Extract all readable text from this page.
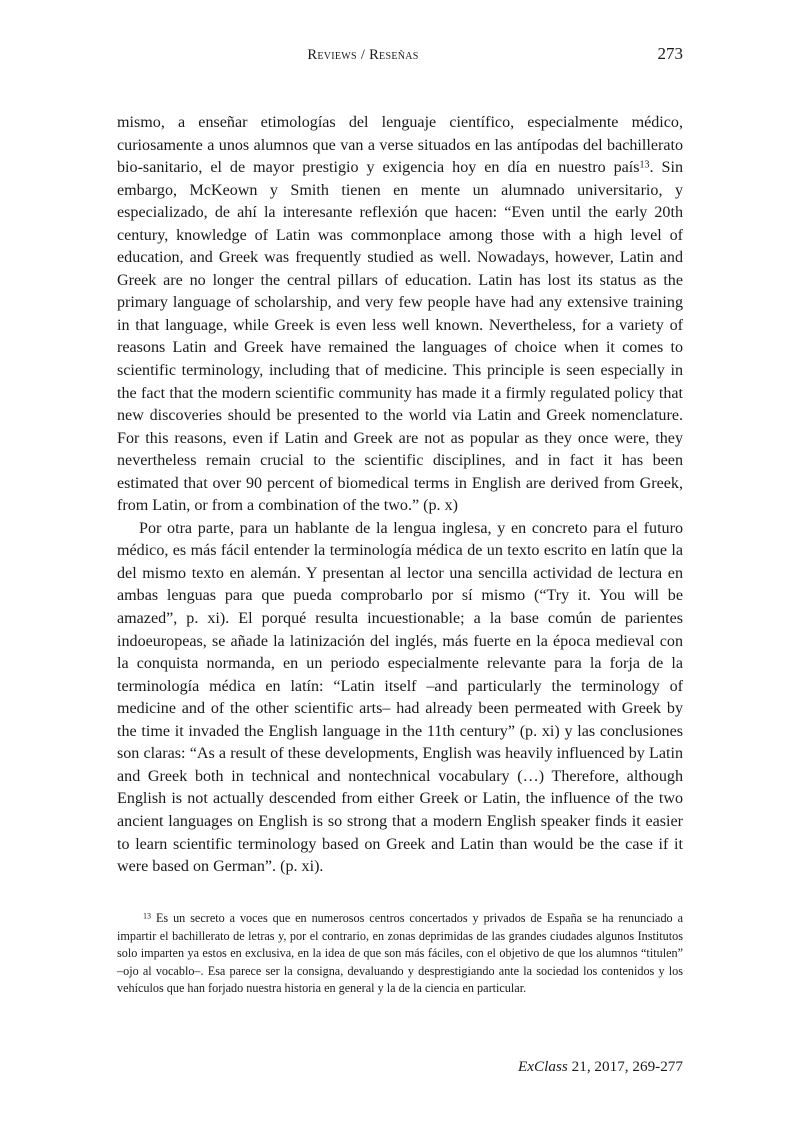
Reviews / Reseñas	273

mismo, a enseñar etimologías del lenguaje científico, especialmente médico, curiosamente a unos alumnos que van a verse situados en las antípodas del bachillerato bio-sanitario, el de mayor prestigio y exigencia hoy en día en nuestro país$^{13}$. Sin embargo, McKeown y Smith tienen en mente un alumnado universitario, y especializado, de ahí la interesante reflexión que hacen: “Even until the early 20th century, knowledge of Latin was commonplace among those with a high level of education, and Greek was frequently studied as well. Nowadays, however, Latin and Greek are no longer the central pillars of education. Latin has lost its status as the primary language of scholarship, and very few people have had any extensive training in that language, while Greek is even less well known. Nevertheless, for a variety of reasons Latin and Greek have remained the languages of choice when it comes to scientific terminology, including that of medicine. This principle is seen especially in the fact that the modern scientific community has made it a firmly regulated policy that new discoveries should be presented to the world via Latin and Greek nomenclature. For this reasons, even if Latin and Greek are not as popular as they once were, they nevertheless remain crucial to the scientific disciplines, and in fact it has been estimated that over 90 percent of biomedical terms in English are derived from Greek, from Latin, or from a combination of the two.” (p. x)

Por otra parte, para un hablante de la lengua inglesa, y en concreto para el futuro médico, es más fácil entender la terminología médica de un texto escrito en latín que la del mismo texto en alemán. Y presentan al lector una sencilla actividad de lectura en ambas lenguas para que pueda comprobarlo por sí mismo (“Try it. You will be amazed”, p. xi). El porqué resulta incuestionable; a la base común de parientes indoeuropeas, se añade la latinización del inglés, más fuerte en la época medieval con la conquista normanda, en un periodo especialmente relevante para la forja de la terminología médica en latín: “Latin itself –and particularly the terminology of medicine and of the other scientific arts– had already been permeated with Greek by the time it invaded the English language in the 11th century” (p. xi) y las conclusiones son claras: “As a result of these developments, English was heavily influenced by Latin and Greek both in technical and nontechnical vocabulary (…) Therefore, although English is not actually descended from either Greek or Latin, the influence of the two ancient languages on English is so strong that a modern English speaker finds it easier to learn scientific terminology based on Greek and Latin than would be the case if it were based on German”. (p. xi).

$^{13}$ Es un secreto a voces que en numerosos centros concertados y privados de España se ha renunciado a impartir el bachillerato de letras y, por el contrario, en zonas deprimidas de las grandes ciudades algunos Institutos solo imparten ya estos en exclusiva, en la idea de que son más fáciles, con el objetivo de que los alumnos “titulen” –ojo al vocablo–. Esa parece ser la consigna, devaluando y desprestigiando ante la sociedad los contenidos y los vehículos que han forjado nuestra historia en general y la de la ciencia en particular.

ExClass 21, 2017, 269-277
